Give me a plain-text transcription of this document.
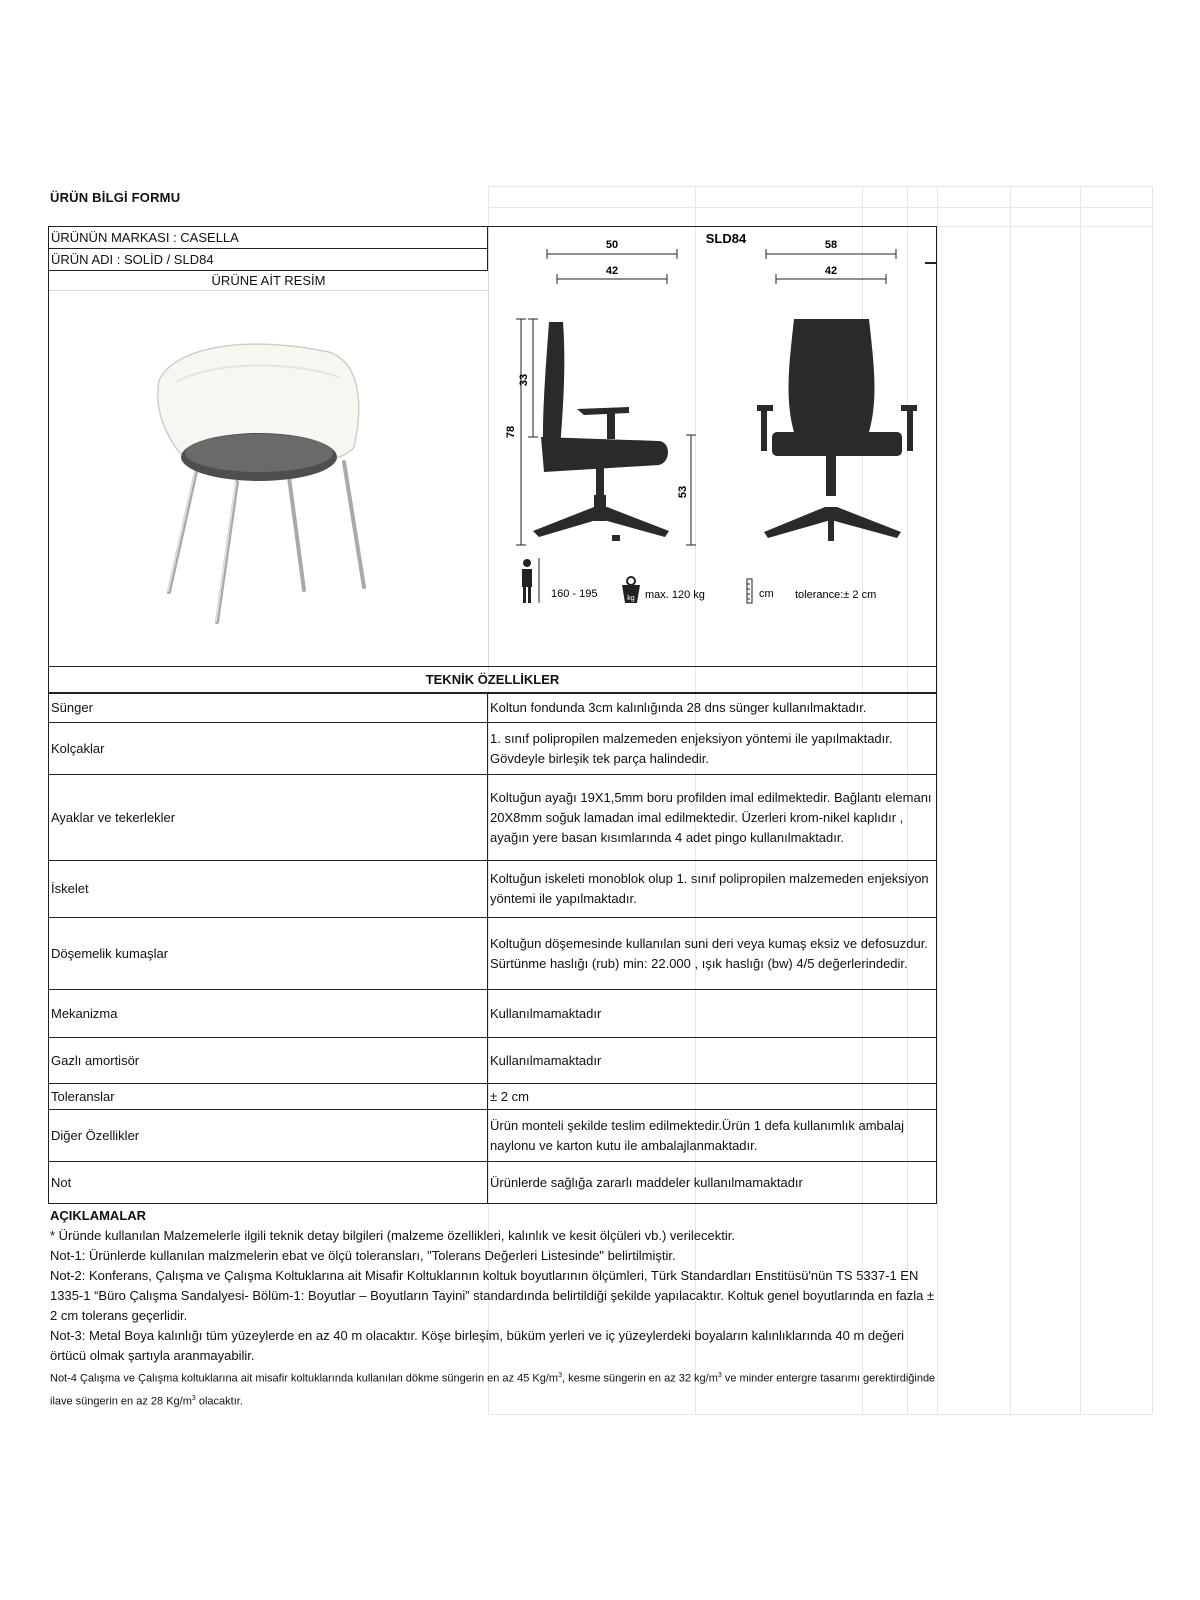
ÜRÜN BİLGİ FORMU
ÜRÜNÜN MARKASI : CASELLA
ÜRÜN ADI : SOLİD / SLD84
ÜRÜNE AİT RESİM
SLD84
50
42
58
42
78
33
53
160 - 195	kg max. 120 kg	cm tolerance:± 2 cm
TEKNİK ÖZELLİKLER
Sünger	Koltun fondunda 3cm kalınlığında 28 dns sünger kullanılmaktadır.
Kolçaklar	1. sınıf polipropilen malzemeden enjeksiyon yöntemi ile yapılmaktadır. Gövdeyle birleşik tek parça halindedir.
Ayaklar ve tekerlekler	Koltuğun ayağı 19X1,5mm boru profilden imal edilmektedir. Bağlantı elemanı 20X8mm soğuk lamadan imal edilmektedir. Üzerleri krom-nikel kaplıdır , ayağın yere basan kısımlarında 4 adet pingo kullanılmaktadır.
İskelet	Koltuğun iskeleti monoblok olup 1. sınıf polipropilen malzemeden enjeksiyon yöntemi ile yapılmaktadır.
Döşemelik kumaşlar	Koltuğun döşemesinde kullanılan suni deri veya kumaş eksiz ve defosuzdur. Sürtünme haslığı (rub) min: 22.000 , ışık haslığı (bw) 4/5 değerlerindedir.
Mekanizma	Kullanılmamaktadır
Gazlı amortisör	Kullanılmamaktadır
Toleranslar	± 2 cm
Diğer Özellikler	Ürün monteli şekilde teslim edilmektedir.Ürün 1 defa kullanımlık ambalaj naylonu ve karton kutu ile ambalajlanmaktadır.
Not	Ürünlerde sağlığa zararlı maddeler kullanılmamaktadır
AÇIKLAMALAR

* Üründe kullanılan Malzemelerle ilgili teknik detay bilgileri (malzeme özellikleri, kalınlık ve kesit ölçüleri vb.) verilecektir.

Not-1: Ürünlerde kullanılan malzmelerin ebat ve ölçü toleransları, "Tolerans Değerleri Listesinde" belirtilmiştir.

Not-2: Konferans, Çalışma ve Çalışma Koltuklarına ait Misafir Koltuklarının koltuk boyutlarının ölçümleri, Türk Standardları Enstitüsü'nün TS 5337-1 EN 1335-1 “Büro Çalışma Sandalyesi- Bölüm-1: Boyutlar – Boyutların Tayini” standardında belirtildiği şekilde yapılacaktır. Koltuk genel boyutlarında en fazla ± 2 cm tolerans geçerlidir.

Not-3: Metal Boya kalınlığı tüm yüzeylerde en az 40 m olacaktır. Köşe birleşim, büküm yerleri ve iç yüzeylerdeki boyaların kalınlıklarında 40 m değeri örtücü olmak şartıyla aranmayabilir.

Not-4 Çalışma ve Çalışma koltuklarına ait misafir koltuklarında kullanılan dökme süngerin en az 45 $Kg/m^3$, kesme süngerin en az 32 $kg/m^3$ ve minder entergre tasarımı gerektirdiğinde ilave süngerin en az 28 $Kg/m^3$ olacaktır.
